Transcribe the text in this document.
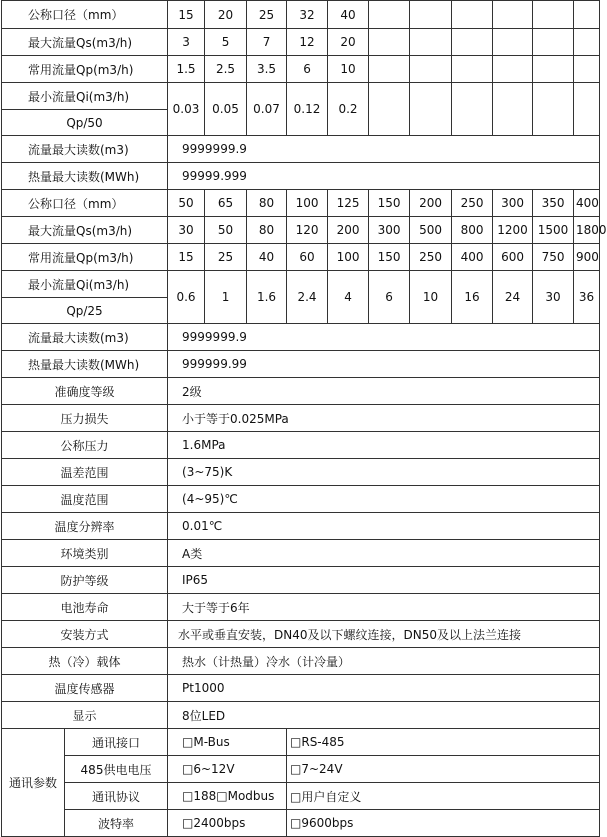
公称口径（mm）		15	20	25	32	40						
最大流量Qs(m3/h)		3	5	7	12	20						
常用流量Qp(m3/h)		1.5	2.5	3.5	6	10						
最小流量Qi(m3/h)		0.03	0.05	0.07	0.12	0.2						
Qp/50												
流量最大读数(m3)		9999999.9										
热量最大读数(MWh)		99999.999										
公称口径（mm）		50	65	80	100	125	150	200	250	300	350	400
最大流量Qs(m3/h)		30	50	80	120	200	300	500	800	1200	1500	1800
常用流量Qp(m3/h)		15	25	40	60	100	150	250	400	600	750	900
最小流量Qi(m3/h)		0.6	1	1.6	2.4	4	6	10	16	24	30	36
Qp/25												
流量最大读数(m3)		9999999.9										
热量最大读数(MWh)		999999.99										
准确度等级		2级										
压力损失		小于等于0.025MPa										
公称压力		1.6MPa										
温差范围		(3~75)K										
温度范围		(4~95)℃										
温度分辨率		0.01℃										
环境类别		A类										
防护等级		IP65										
电池寿命		大于等于6年										
安装方式		水平或垂直安装，DN40及以下螺纹连接，DN50及以上法兰连接										
热（冷）载体		热水（计热量）冷水（计冷量）										
温度传感器		Pt1000										
显示		8位LED										
通讯参数	通讯接口	□M-Bus			□RS-485							
	485供电电压	□6~12V			□7~24V							
	通讯协议	□188□Modbus			□用户自定义							
	波特率	□2400bps			□9600bps							
